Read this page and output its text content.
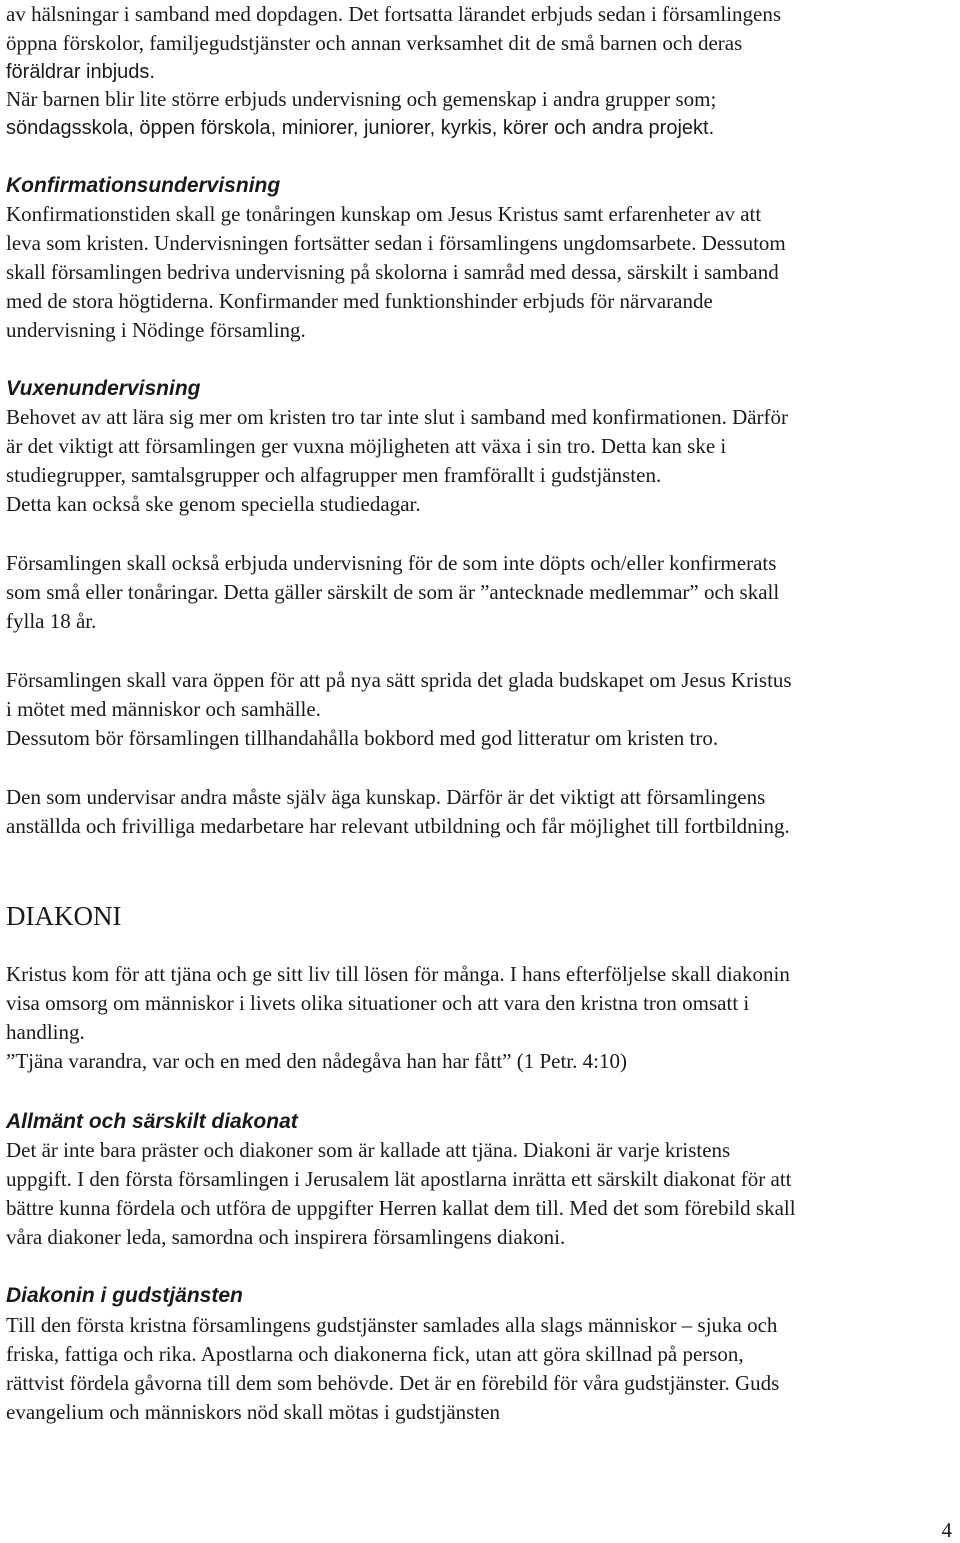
av hälsningar i samband med dopdagen. Det fortsatta lärandet erbjuds sedan i församlingens
öppna förskolor, familjegudstjänster och annan verksamhet dit de små barnen och deras
föräldrar inbjuds.
När barnen blir lite större erbjuds undervisning och gemenskap i andra grupper som;
söndagsskola, öppen förskola, miniorer, juniorer, kyrkis, körer och andra projekt.
Konfirmationsundervisning
Konfirmationstiden skall ge tonåringen kunskap om Jesus Kristus samt erfarenheter av att
leva som kristen. Undervisningen fortsätter sedan i församlingens ungdomsarbete. Dessutom
skall församlingen bedriva undervisning på skolorna i samråd med dessa, särskilt i samband
med de stora högtiderna. Konfirmander med funktionshinder erbjuds för närvarande
undervisning i Nödinge församling.
Vuxenundervisning
Behovet av att lära sig mer om kristen tro tar inte slut i samband med konfirmationen. Därför
är det viktigt att församlingen ger vuxna möjligheten att växa i sin tro. Detta kan ske i
studiegrupper, samtalsgrupper och alfagrupper men framförallt i gudstjänsten.
Detta kan också ske genom speciella studiedagar.
Församlingen skall också erbjuda undervisning för de som inte döpts och/eller konfirmerats
som små eller tonåringar. Detta gäller särskilt de som är ”antecknade medlemmar” och skall
fylla 18 år.
Församlingen skall vara öppen för att på nya sätt sprida det glada budskapet om Jesus Kristus
i mötet med människor och samhälle.
Dessutom bör församlingen tillhandahålla bokbord med god litteratur om kristen tro.
Den som undervisar andra måste själv äga kunskap. Därför är det viktigt att församlingens
anställda och frivilliga medarbetare har relevant utbildning och får möjlighet till fortbildning.
DIAKONI
Kristus kom för att tjäna och ge sitt liv till lösen för många. I hans efterföljelse skall diakonin
visa omsorg om människor i livets olika situationer och att vara den kristna tron omsatt i
handling.
”Tjäna varandra, var och en med den nådegåva han har fått” (1 Petr. 4:10)
Allmänt och särskilt diakonat
Det är inte bara präster och diakoner som är kallade att tjäna. Diakoni är varje kristens
uppgift. I den första församlingen i Jerusalem lät apostlarna inrätta ett särskilt diakonat för att
bättre kunna fördela och utföra de uppgifter Herren kallat dem till. Med det som förebild skall
våra diakoner leda, samordna och inspirera församlingens diakoni.
Diakonin i gudstjänsten
Till den första kristna församlingens gudstjänster samlades alla slags människor – sjuka och
friska, fattiga och rika. Apostlarna och diakonerna fick, utan att göra skillnad på person,
rättvist fördela gåvorna till dem som behövde. Det är en förebild för våra gudstjänster. Guds
evangelium och människors nöd skall mötas i gudstjänsten
4
